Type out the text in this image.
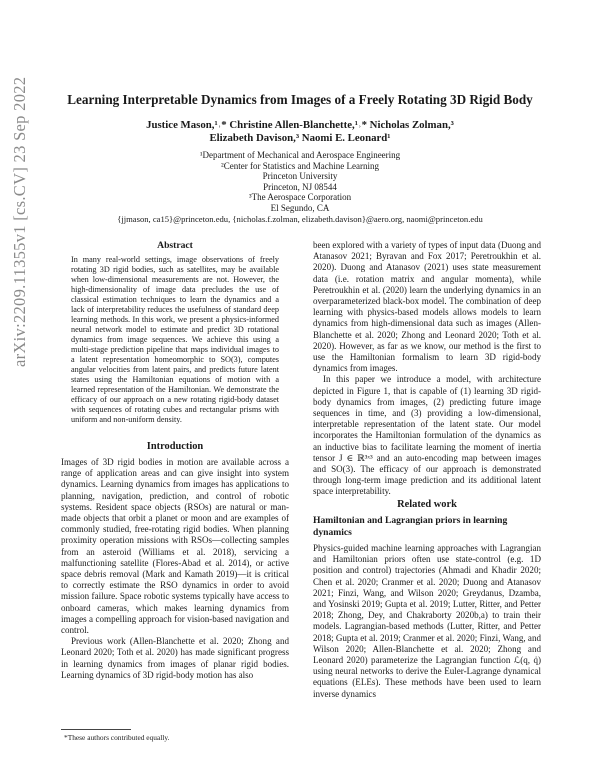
arXiv:2209.11355v1 [cs.CV] 23 Sep 2022	Learning Interpretable Dynamics from Images of a Freely Rotating 3D Rigid Body
Justice Mason,¹˒* Christine Allen-Blanchette,¹˒* Nicholas Zolman,³
Elizabeth Davison,³ Naomi E. Leonard¹
¹Department of Mechanical and Aerospace Engineering
²Center for Statistics and Machine Learning
Princeton University
Princeton, NJ 08544
³The Aerospace Corporation
El Segundo, CA
{jjmason, ca15}@princeton.edu, {nicholas.f.zolman, elizabeth.davison}@aero.org, naomi@princeton.edu
Abstract
In many real-world settings, image observations of freely rotating 3D rigid bodies, such as satellites, may be available when low-dimensional measurements are not. However, the high-dimensionality of image data precludes the use of classical estimation techniques to learn the dynamics and a lack of interpretability reduces the usefulness of standard deep learning methods. In this work, we present a physics-informed neural network model to estimate and predict 3D rotational dynamics from image sequences. We achieve this using a multi-stage prediction pipeline that maps individual images to a latent representation homeomorphic to SO(3), computes angular velocities from latent pairs, and predicts future latent states using the Hamiltonian equations of motion with a learned representation of the Hamiltonian. We demonstrate the efficacy of our approach on a new rotating rigid-body dataset with sequences of rotating cubes and rectangular prisms with uniform and non-uniform density.
Introduction

Images of 3D rigid bodies in motion are available across a range of application areas and can give insight into system dynamics. Learning dynamics from images has applications to planning, navigation, prediction, and control of robotic systems. Resident space objects (RSOs) are natural or man-made objects that orbit a planet or moon and are examples of commonly studied, free-rotating rigid bodies. When planning proximity operation missions with RSOs—collecting samples from an asteroid (Williams et al. 2018), servicing a malfunctioning satellite (Flores-Abad et al. 2014), or active space debris removal (Mark and Kamath 2019)—it is critical to correctly estimate the RSO dynamics in order to avoid mission failure. Space robotic systems typically have access to onboard cameras, which makes learning dynamics from images a compelling approach for vision-based navigation and control.

Previous work (Allen-Blanchette et al. 2020; Zhong and Leonard 2020; Toth et al. 2020) has made significant progress in learning dynamics from images of planar rigid bodies. Learning dynamics of 3D rigid-body motion has also

*These authors contributed equally.

been explored with a variety of types of input data (Duong and Atanasov 2021; Byravan and Fox 2017; Peretroukhin et al. 2020). Duong and Atanasov (2021) uses state measurement data (i.e. rotation matrix and angular momenta), while Peretroukhin et al. (2020) learn the underlying dynamics in an overparameterized black-box model. The combination of deep learning with physics-based models allows models to learn dynamics from high-dimensional data such as images (Allen-Blanchette et al. 2020; Zhong and Leonard 2020; Toth et al. 2020). However, as far as we know, our method is the first to use the Hamiltonian formalism to learn 3D rigid-body dynamics from images.

In this paper we introduce a model, with architecture depicted in Figure 1, that is capable of (1) learning 3D rigid-body dynamics from images, (2) predicting future image sequences in time, and (3) providing a low-dimensional, interpretable representation of the latent state. Our model incorporates the Hamiltonian formulation of the dynamics as an inductive bias to facilitate learning the moment of inertia tensor J ∈ ℝ³ˣ³ and an auto-encoding map between images and SO(3). The efficacy of our approach is demonstrated through long-term image prediction and its additional latent space interpretability.

Related work
Hamiltonian and Lagrangian priors in learning dynamics

Physics-guided machine learning approaches with Lagrangian and Hamiltonian priors often use state-control (e.g. 1D position and control) trajectories (Ahmadi and Khadir 2020; Chen et al. 2020; Cranmer et al. 2020; Duong and Atanasov 2021; Finzi, Wang, and Wilson 2020; Greydanus, Dzamba, and Yosinski 2019; Gupta et al. 2019; Lutter, Ritter, and Petter 2018; Zhong, Dey, and Chakraborty 2020b,a) to train their models. Lagrangian-based methods (Lutter, Ritter, and Petter 2018; Gupta et al. 2019; Cranmer et al. 2020; Finzi, Wang, and Wilson 2020; Allen-Blanchette et al. 2020; Zhong and Leonard 2020) parameterize the Lagrangian function ℒ(q, q̇) using neural networks to derive the Euler-Lagrange dynamical equations (ELEs). These methods have been used to learn inverse dynamics
